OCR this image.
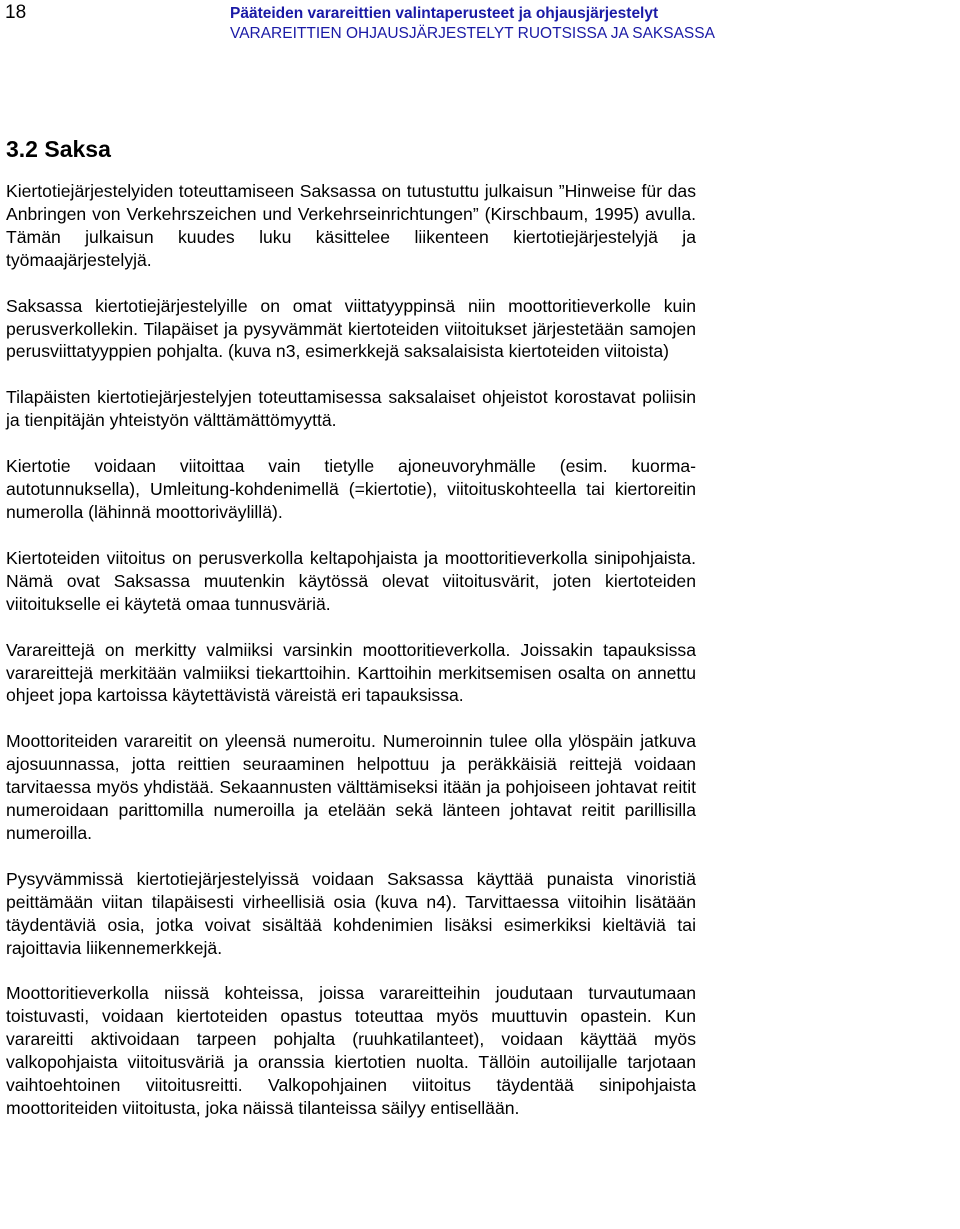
18	Pääteiden varareittien valintaperusteet ja ohjausjärjestelyt
VARAREITTIEN OHJAUSJÄRJESTELYT RUOTSISSA JA SAKSASSA
3.2 Saksa

Kiertotiejärjestelyiden toteuttamiseen Saksassa on tutustuttu julkaisun ”Hinweise für das Anbringen von Verkehrszeichen und Verkehrseinrichtungen” (Kirschbaum, 1995) avulla. Tämän julkaisun kuudes luku käsittelee liikenteen kiertotiejärjestelyjä ja työmaajärjestelyjä.

Saksassa kiertotiejärjestelyille on omat viittatyyppinsä niin moottoritieverkolle kuin perusverkollekin. Tilapäiset ja pysyvämmät kiertoteiden viitoitukset järjestetään samojen perusviittatyyppien pohjalta. (kuva n3, esimerkkejä saksalaisista kiertoteiden viitoista)

Tilapäisten kiertotiejärjestelyjen toteuttamisessa saksalaiset ohjeistot korostavat poliisin ja tienpitäjän yhteistyön välttämättömyyttä.

Kiertotie voidaan viitoittaa vain tietylle ajoneuvoryhmälle (esim. kuorma-autotunnuksella), Umleitung-kohdenimellä (=kiertotie), viitoituskohteella tai kiertoreitin numerolla (lähinnä moottoriväylillä).

Kiertoteiden viitoitus on perusverkolla keltapohjaista ja moottoritieverkolla sinipohjaista. Nämä ovat Saksassa muutenkin käytössä olevat viitoitusvärit, joten kiertoteiden viitoitukselle ei käytetä omaa tunnusväriä.

Varareittejä on merkitty valmiiksi varsinkin moottoritieverkolla. Joissakin tapauksissa varareittejä merkitään valmiiksi tiekarttoihin. Karttoihin merkitsemisen osalta on annettu ohjeet jopa kartoissa käytettävistä väreistä eri tapauksissa.

Moottoriteiden varareitit on yleensä numeroitu. Numeroinnin tulee olla ylöspäin jatkuva ajosuunnassa, jotta reittien seuraaminen helpottuu ja peräkkäisiä reittejä voidaan tarvitaessa myös yhdistää. Sekaannusten välttämiseksi itään ja pohjoiseen johtavat reitit numeroidaan parittomilla numeroilla ja etelään sekä länteen johtavat reitit parillisilla numeroilla.

Pysyvämmissä kiertotiejärjestelyissä voidaan Saksassa käyttää punaista vinoristiä peittämään viitan tilapäisesti virheellisiä osia (kuva n4). Tarvittaessa viitoihin lisätään täydentäviä osia, jotka voivat sisältää kohdenimien lisäksi esimerkiksi kieltäviä tai rajoittavia liikennemerkkejä.

Moottoritieverkolla niissä kohteissa, joissa varareitteihin joudutaan turvautumaan toistuvasti, voidaan kiertoteiden opastus toteuttaa myös muuttuvin opastein. Kun varareitti aktivoidaan tarpeen pohjalta (ruuhkatilanteet), voidaan käyttää myös valkopohjaista viitoitusväriä ja oranssia kiertotien nuolta. Tällöin autoilijalle tarjotaan vaihtoehtoinen viitoitusreitti. Valkopohjainen viitoitus täydentää sinipohjaista moottoriteiden viitoitusta, joka näissä tilanteissa säilyy entisellään.
